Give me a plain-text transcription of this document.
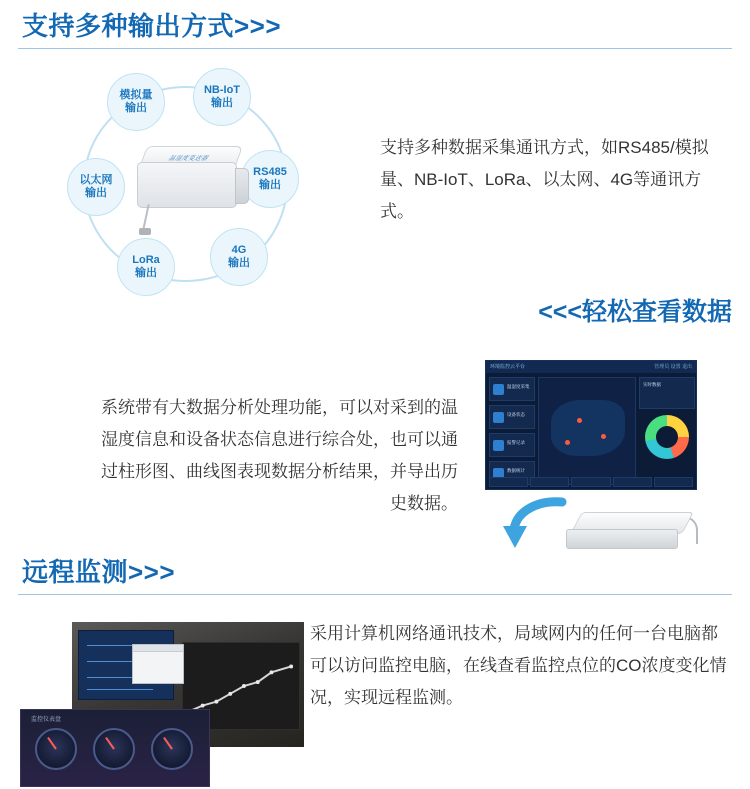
支持多种输出方式>>>
模拟量
输出
NB-IoT
输出
RS485
输出
4G
输出
LoRa
输出
以太网
输出
温湿度变送器
支持多种数据采集通讯方式，如RS485/模拟量、NB-IoT、LoRa、以太网、4G等通讯方式。
<<<轻松查看数据
系统带有大数据分析处理功能，可以对采到的温湿度信息和设备状态信息进行综合处，也可以通过柱形图、曲线图表现数据分析结果，并导出历史数据。
环境监控云平台	管理员 设置 退出
温湿度采集
设备状态
报警记录
数据统计
实时数据
远程监测>>>
监控仪表盘
采用计算机网络通讯技术，局域网内的任何一台电脑都可以访问监控电脑，在线查看监控点位的CO浓度变化情况，实现远程监测。
